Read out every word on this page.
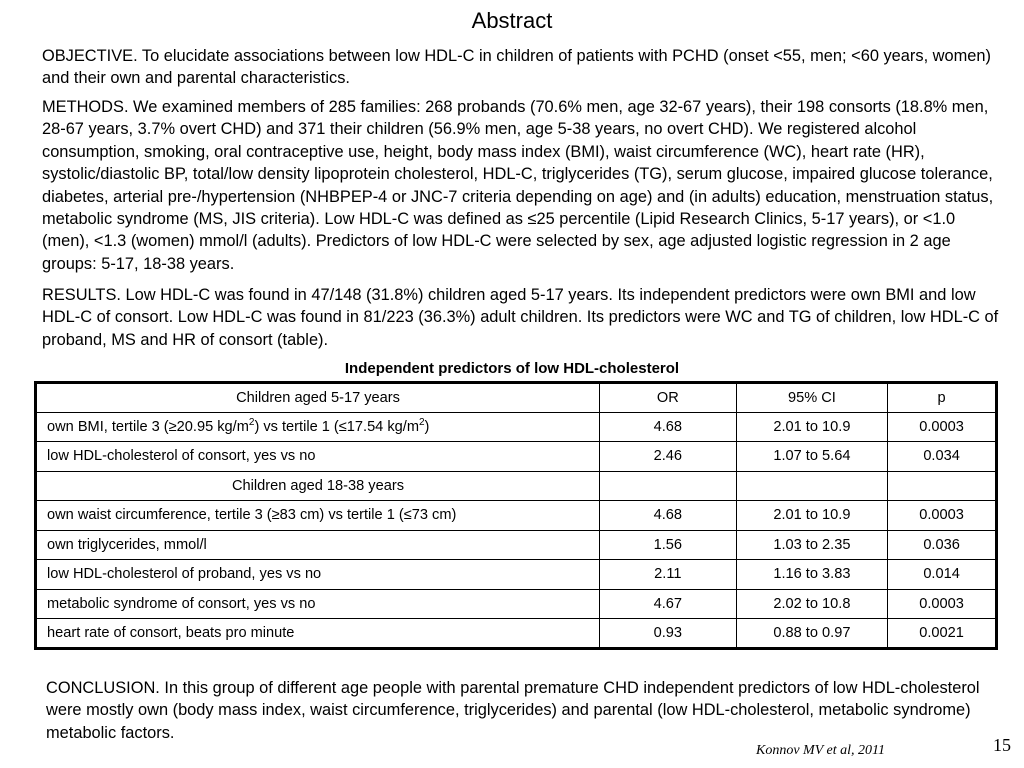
Abstract

OBJECTIVE. To elucidate associations between low HDL-C in children of patients with PCHD (onset <55, men; <60 years, women) and their own and parental characteristics.

METHODS. We examined members of 285 families: 268 probands (70.6% men, age 32-67 years), their 198 consorts (18.8% men, 28-67 years, 3.7% overt CHD) and 371 their children (56.9% men, age 5-38 years, no overt CHD). We registered alcohol consumption, smoking, oral contraceptive use, height, body mass index (BMI), waist circumference (WC), heart rate (HR), systolic/diastolic BP, total/low density lipoprotein cholesterol, HDL-C, triglycerides (TG), serum glucose, impaired glucose tolerance, diabetes, arterial pre-/hypertension (NHBPEP-4 or JNC-7 criteria depending on age) and (in adults) education, menstruation status, metabolic syndrome (MS, JIS criteria). Low HDL-C was defined as ≤25 percentile (Lipid Research Clinics, 5-17 years), or <1.0 (men), <1.3 (women) mmol/l (adults). Predictors of low HDL-C were selected by sex, age adjusted logistic regression in 2 age groups: 5-17, 18-38 years.

RESULTS. Low HDL-C was found in 47/148 (31.8%) children aged 5-17 years. Its independent predictors were own BMI and low HDL-C of consort. Low HDL-C was found in 81/223 (36.3%) adult children. Its predictors were WC and TG of children, low HDL-C of proband, MS and HR of consort (table).

Independent predictors of low HDL-cholesterol
Children aged 5-17 years	OR	95% CI	p
own BMI, tertile 3 (≥20.95 $kg/m^2$) vs tertile 1 (≤17.54 $kg/m^2$)	4.68	2.01 to 10.9	0.0003
low HDL-cholesterol of consort, yes vs no	2.46	1.07 to 5.64	0.034
Children aged 18-38 years			
own waist circumference, tertile 3 (≥83 cm) vs tertile 1 (≤73 cm)	4.68	2.01 to 10.9	0.0003
own triglycerides, mmol/l	1.56	1.03 to 2.35	0.036
low HDL-cholesterol of proband, yes vs no	2.11	1.16 to 3.83	0.014
metabolic syndrome of consort, yes vs no	4.67	2.02 to 10.8	0.0003
heart rate of consort, beats pro minute	0.93	0.88 to 0.97	0.0021

CONCLUSION. In this group of different age people with parental premature CHD independent predictors of low HDL-cholesterol were mostly own (body mass index, waist circumference, triglycerides) and parental (low HDL-cholesterol, metabolic syndrome) metabolic factors.

Konnov MV et al, 2011	15
